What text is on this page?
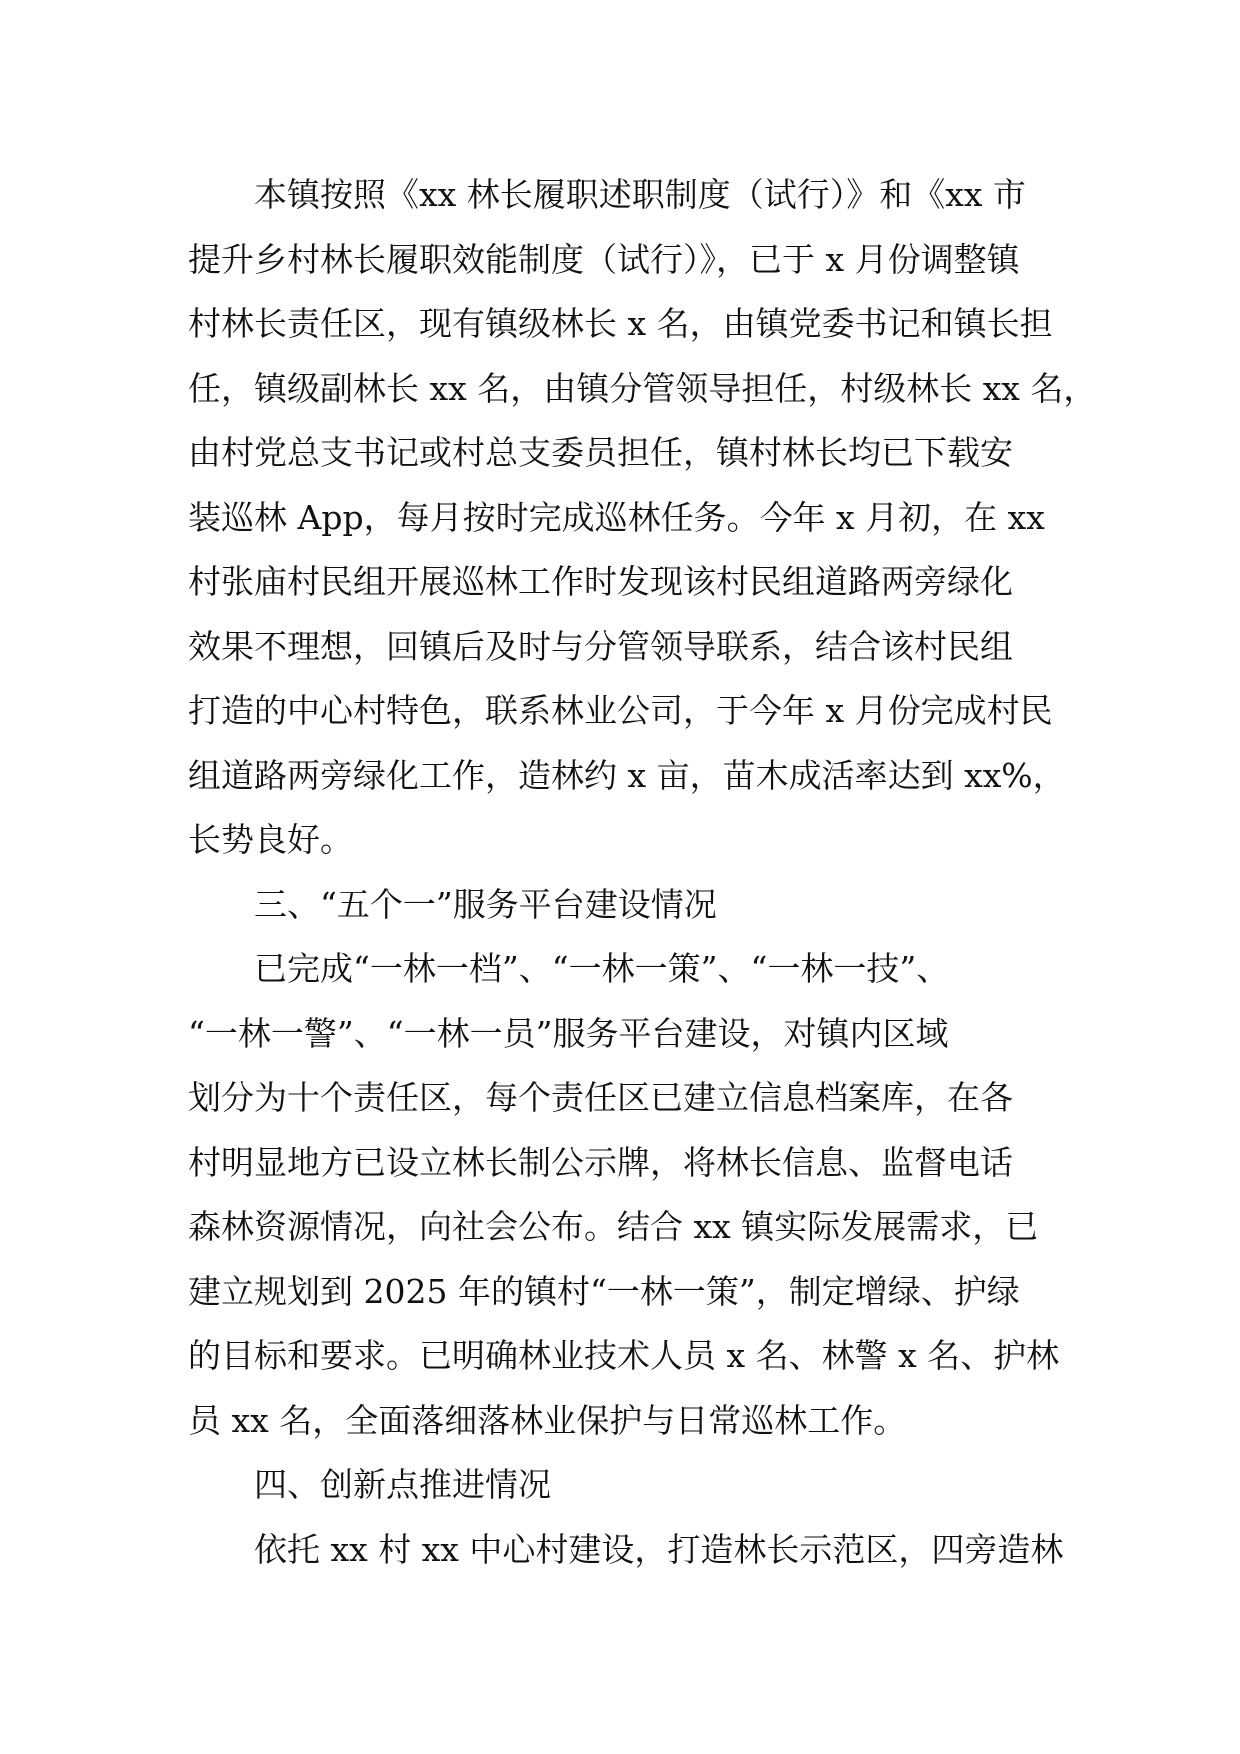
本镇按照《xx 林长履职述职制度（试行）》和《xx 市
提升乡村林长履职效能制度（试行）》，已于 x 月份调整镇
村林长责任区，现有镇级林长 x 名，由镇党委书记和镇长担
任，镇级副林长 xx 名，由镇分管领导担任，村级林长 xx 名，
由村党总支书记或村总支委员担任，镇村林长均已下载安
装巡林 App，每月按时完成巡林任务。今年 x 月初，在 xx
村张庙村民组开展巡林工作时发现该村民组道路两旁绿化
效果不理想，回镇后及时与分管领导联系，结合该村民组
打造的中心村特色，联系林业公司，于今年 x 月份完成村民
组道路两旁绿化工作，造林约 x 亩，苗木成活率达到 xx%，
长势良好。
三、“五个一”服务平台建设情况
已完成“一林一档”、“一林一策”、“一林一技”、
“一林一警”、“一林一员”服务平台建设，对镇内区域
划分为十个责任区，每个责任区已建立信息档案库，在各
村明显地方已设立林长制公示牌，将林长信息、监督电话
森林资源情况，向社会公布。结合 xx 镇实际发展需求，已
建立规划到 2025 年的镇村“一林一策”，制定增绿、护绿
的目标和要求。已明确林业技术人员 x 名、林警 x 名、护林
员 xx 名，全面落细落林业保护与日常巡林工作。
四、创新点推进情况
依托 xx 村 xx 中心村建设，打造林长示范区，四旁造林
